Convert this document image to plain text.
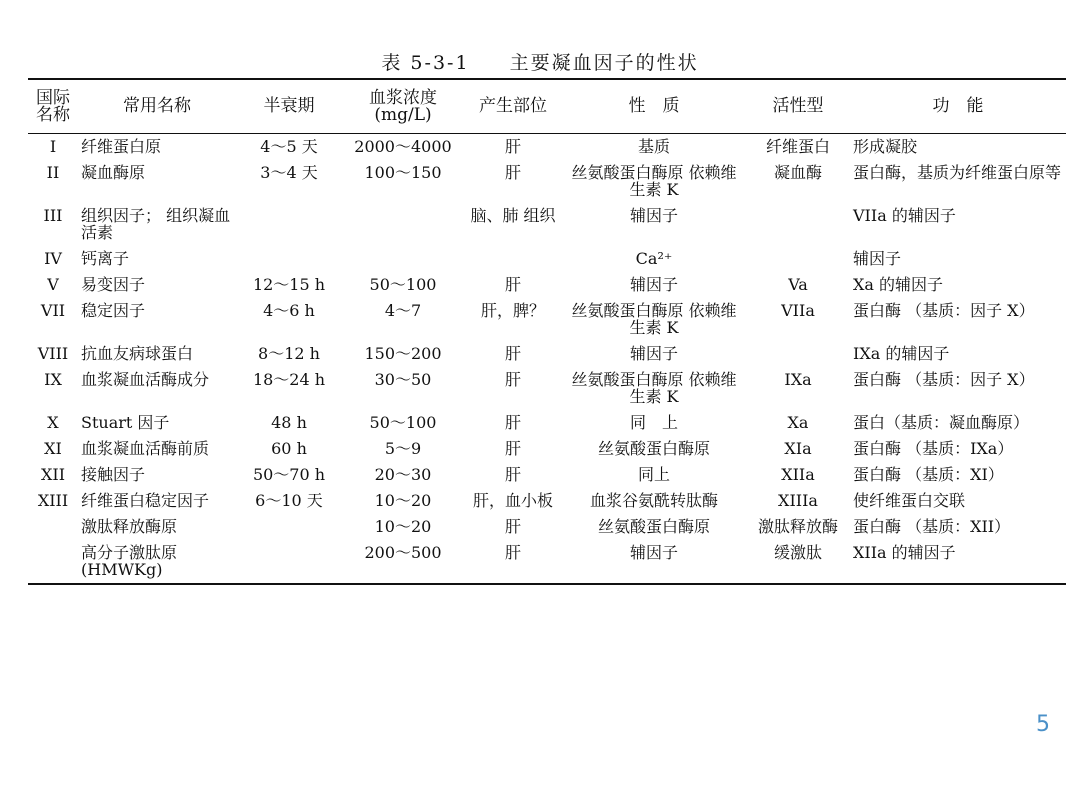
表 5-3-1 主要凝血因子的性状
国际名称	常用名称	半衰期	血浆浓度 (mg/L)	产生部位	性　质	活性型	功　能
I	纤维蛋白原	4～5 天	2000～4000	肝	基质	纤维蛋白	形成凝胶
II	凝血酶原	3～4 天	100～150	肝	丝氨酸蛋白酶原 依赖维生素 K	凝血酶	蛋白酶，基质为纤维蛋白原等
III	组织因子； 组织凝血活素			脑、肺 组织	辅因子		VIIa 的辅因子
IV	钙离子				Ca²⁺		辅因子
V	易变因子	12～15 h	50～100	肝	辅因子	Va	Xa 的辅因子
VII	稳定因子	4～6 h	4～7	肝，脾？	丝氨酸蛋白酶原 依赖维生素 K	VIIa	蛋白酶 （基质：因子 X）
VIII	抗血友病球蛋白	8～12 h	150～200	肝	辅因子		IXa 的辅因子
IX	血浆凝血活酶成分	18～24 h	30～50	肝	丝氨酸蛋白酶原 依赖维生素 K	IXa	蛋白酶 （基质：因子 X）
X	Stuart 因子	48 h	50～100	肝	同　上	Xa	蛋白（基质：凝血酶原）
XI	血浆凝血活酶前质	60 h	5～9	肝	丝氨酸蛋白酶原	XIa	蛋白酶 （基质：IXa）
XII	接触因子	50～70 h	20～30	肝	同上	XIIa	蛋白酶 （基质：XI）
XIII	纤维蛋白稳定因子	6～10 天	10～20	肝，血小板	血浆谷氨酰转肽酶	XIIIa	使纤维蛋白交联
	激肽释放酶原		10～20	肝	丝氨酸蛋白酶原	激肽释放酶	蛋白酶 （基质：XII）
	高分子激肽原 (HMWKg)		200～500	肝	辅因子	缓激肽	XIIa 的辅因子
5
